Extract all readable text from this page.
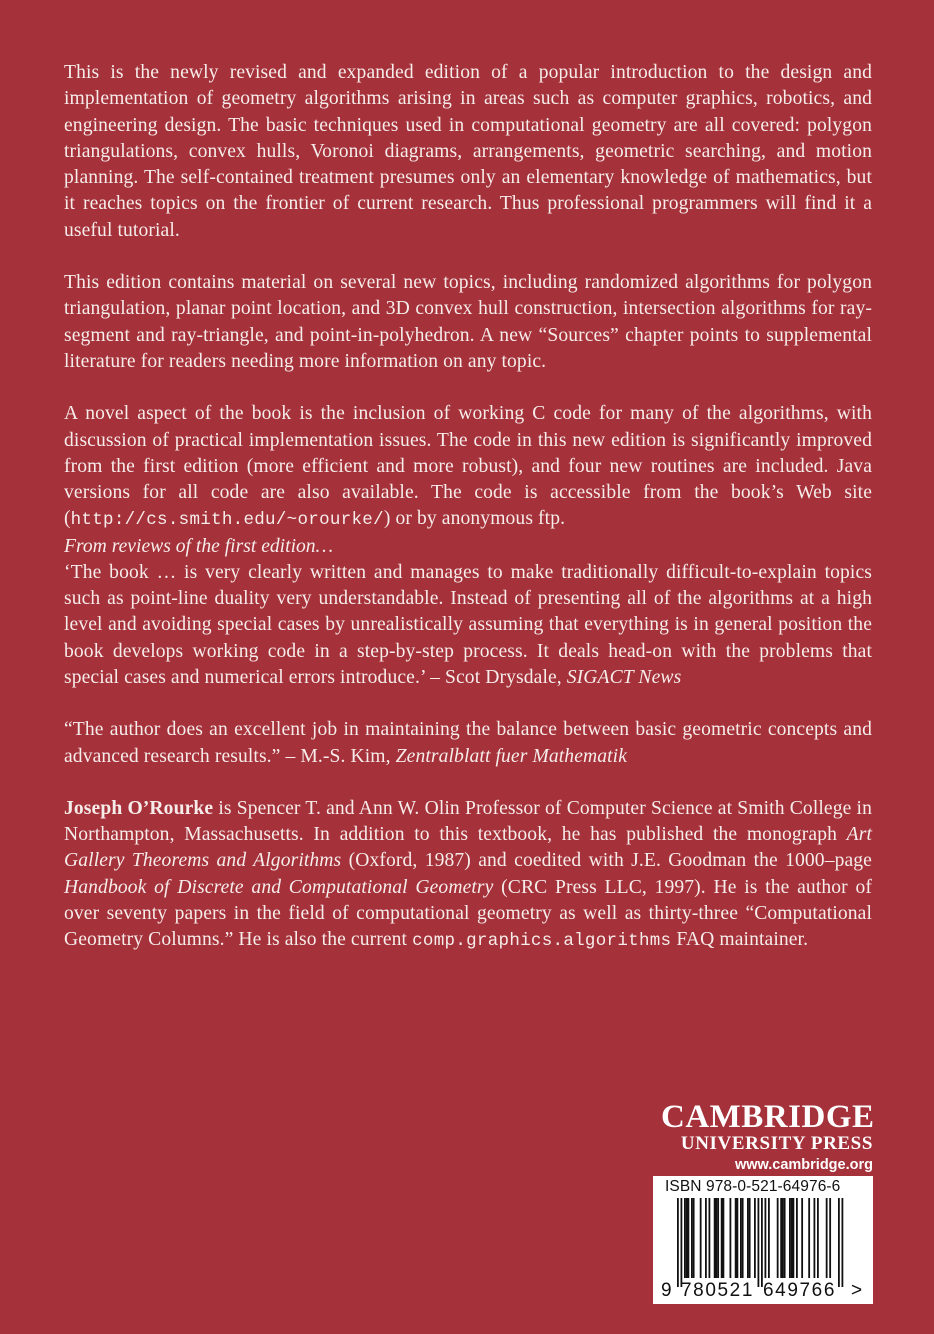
This is the newly revised and expanded edition of a popular introduction to the design and implementation of geometry algorithms arising in areas such as computer graphics, robotics, and engineering design. The basic techniques used in computational geometry are all covered: polygon triangulations, convex hulls, Voronoi diagrams, arrangements, geometric searching, and motion planning. The self-contained treatment presumes only an elementary knowledge of mathematics, but it reaches topics on the frontier of current research. Thus professional programmers will find it a useful tutorial.

This edition contains material on several new topics, including randomized algorithms for polygon triangulation, planar point location, and 3D convex hull construction, intersection algorithms for ray-segment and ray-triangle, and point-in-polyhedron. A new “Sources” chapter points to supplemental literature for readers needing more information on any topic.

A novel aspect of the book is the inclusion of working C code for many of the algorithms, with discussion of practical implementation issues. The code in this new edition is significantly improved from the first edition (more efficient and more robust), and four new routines are included. Java versions for all code are also available. The code is accessible from the book’s Web site (http://cs.smith.edu/~orourke/) or by anonymous ftp.

From reviews of the first edition…

‘The book … is very clearly written and manages to make traditionally difficult-to-explain topics such as point-line duality very understandable. Instead of presenting all of the algorithms at a high level and avoiding special cases by unrealistically assuming that everything is in general position the book develops working code in a step-by-step process. It deals head-on with the problems that special cases and numerical errors introduce.’ – Scot Drysdale, SIGACT News

“The author does an excellent job in maintaining the balance between basic geometric concepts and advanced research results.” – M.-S. Kim, Zentralblatt fuer Mathematik

Joseph O’Rourke is Spencer T. and Ann W. Olin Professor of Computer Science at Smith College in Northampton, Massachusetts. In addition to this textbook, he has published the monograph Art Gallery Theorems and Algorithms (Oxford, 1987) and coedited with J.E. Goodman the 1000–page Handbook of Discrete and Computational Geometry (CRC Press LLC, 1997). He is the author of over seventy papers in the field of computational geometry as well as thirty-three “Computational Geometry Columns.” He is also the current comp.graphics.algorithms FAQ maintainer.

CAMBRIDGE
UNIVERSITY PRESS
www.cambridge.org
ISBN 978-0-521-64976-6
9 780521 649766 >
